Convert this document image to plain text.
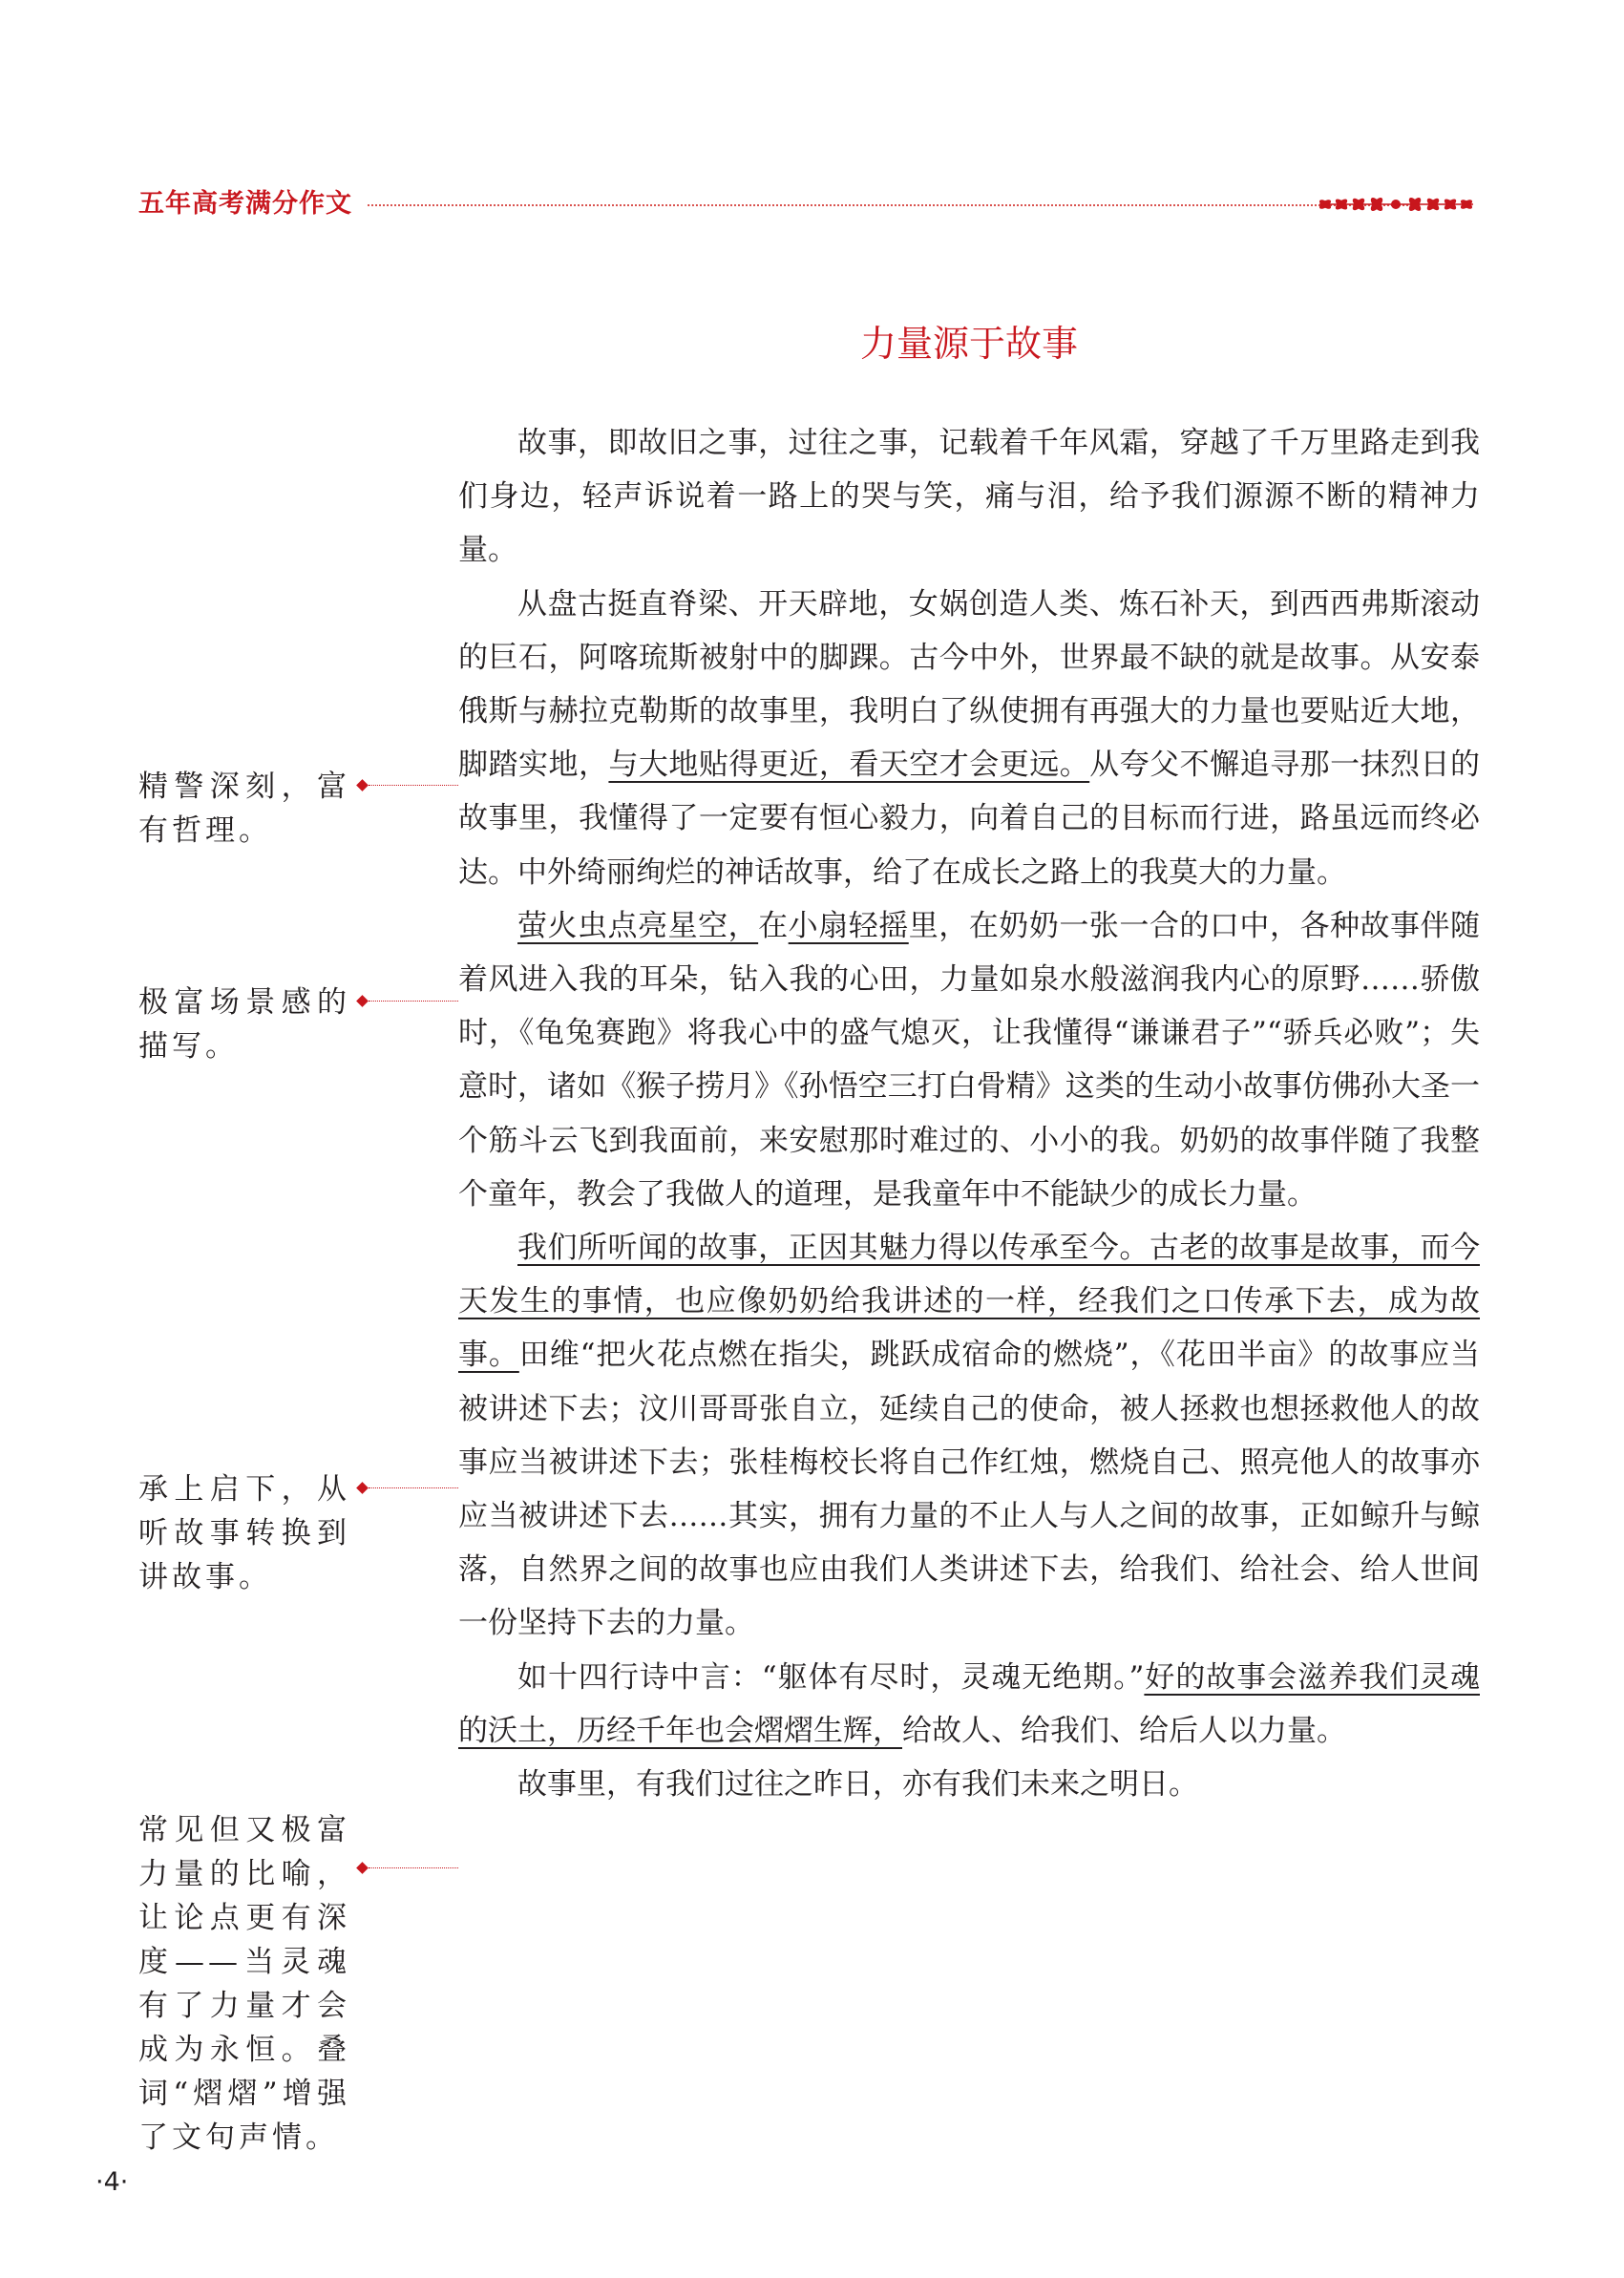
五年高考满分作文
力量源于故事

故事，即故旧之事，过往之事，记载着千年风霜，穿越了千万里路走到我们身边，轻声诉说着一路上的哭与笑，痛与泪，给予我们源源不断的精神力量。

从盘古挺直脊梁、开天辟地，女娲创造人类、炼石补天，到西西弗斯滚动的巨石，阿喀琉斯被射中的脚踝。古今中外，世界最不缺的就是故事。从安泰俄斯与赫拉克勒斯的故事里，我明白了纵使拥有再强大的力量也要贴近大地，脚踏实地，与大地贴得更近，看天空才会更远。从夸父不懈追寻那一抹烈日的故事里，我懂得了一定要有恒心毅力，向着自己的目标而行进，路虽远而终必达。中外绮丽绚烂的神话故事，给了在成长之路上的我莫大的力量。

萤火虫点亮星空，在小扇轻摇里，在奶奶一张一合的口中，各种故事伴随着风进入我的耳朵，钻入我的心田，力量如泉水般滋润我内心的原野……骄傲时，《龟兔赛跑》将我心中的盛气熄灭，让我懂得“谦谦君子”“骄兵必败”；失意时，诸如《猴子捞月》《孙悟空三打白骨精》这类的生动小故事仿佛孙大圣一个筋斗云飞到我面前，来安慰那时难过的、小小的我。奶奶的故事伴随了我整个童年，教会了我做人的道理，是我童年中不能缺少的成长力量。

我们所听闻的故事，正因其魅力得以传承至今。古老的故事是故事，而今天发生的事情，也应像奶奶给我讲述的一样，经我们之口传承下去，成为故事。田维“把火花点燃在指尖，跳跃成宿命的燃烧”，《花田半亩》的故事应当被讲述下去；汶川哥哥张自立，延续自己的使命，被人拯救也想拯救他人的故事应当被讲述下去；张桂梅校长将自己作红烛，燃烧自己、照亮他人的故事亦应当被讲述下去……其实，拥有力量的不止人与人之间的故事，正如鲸升与鲸落，自然界之间的故事也应由我们人类讲述下去，给我们、给社会、给人世间一份坚持下去的力量。

如十四行诗中言：“躯体有尽时，灵魂无绝期。”好的故事会滋养我们灵魂的沃土，历经千年也会熠熠生辉，给故人、给我们、给后人以力量。

故事里，有我们过往之昨日，亦有我们未来之明日。

精警深刻，富有哲理。
极富场景感的描写。
承上启下，从听故事转换到讲故事。
常见但又极富力量的比喻，让论点更有深度——当灵魂有了力量才会成为永恒。叠词“熠熠”增强了文句声情。
·4·
